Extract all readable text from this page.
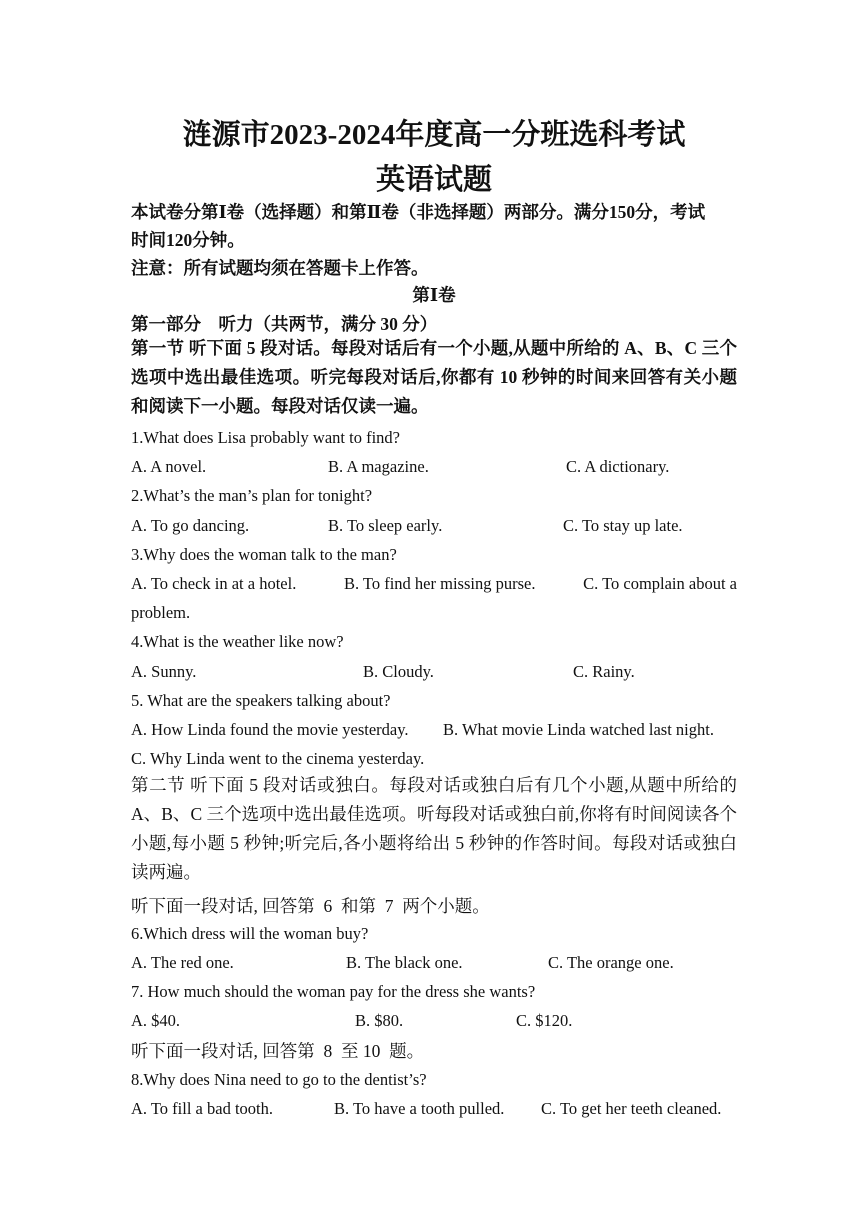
涟源市2023-2024年度高一分班选科考试
英语试题
本试卷分第Ⅰ卷（选择题）和第Ⅱ卷（非选择题）两部分。满分150分，考试
时间120分钟。
注意：所有试题均须在答题卡上作答。
第Ⅰ卷
第一部分    听力（共两节，满分 30 分）
第一节 听下面 5 段对话。每段对话后有一个小题,从题中所给的 A、B、C 三个选项中选出最佳选项。听完每段对话后,你都有 10 秒钟的时间来回答有关小题和阅读下一小题。每段对话仅读一遍。
1.What does Lisa probably want to find?
A. A novel.	B. A magazine.	C. A dictionary.
2.What’s the man’s plan for tonight?
A. To go dancing.	B. To sleep early.	C. To stay up late.
3.Why does the woman talk to the man?
A. To check in at a hotel.	B. To find her missing purse.	C. To complain about a
problem.
4.What is the weather like now?
A. Sunny.	B. Cloudy.	C. Rainy.
5. What are the speakers talking about?
A. How Linda found the movie yesterday. B. What movie Linda watched last night.
C. Why Linda went to the cinema yesterday.
第二节 听下面 5 段对话或独白。每段对话或独白后有几个小题,从题中所给的 A、B、C 三个选项中选出最佳选项。听每段对话或独白前,你将有时间阅读各个小题,每小题 5 秒钟;听完后,各小题将给出 5 秒钟的作答时间。每段对话或独白读两遍。
听下面一段对话, 回答第  6  和第  7  两个小题。
6.Which dress will the woman buy?
A. The red one.	B. The black one.	C. The orange one.
7. How much should the woman pay for the dress she wants?
A. $40.	B. $80.	C. $120.
听下面一段对话, 回答第  8  至 10  题。
8.Why does Nina need to go to the dentist’s?
A. To fill a bad tooth.	B. To have a tooth pulled. C. To get her teeth cleaned.
